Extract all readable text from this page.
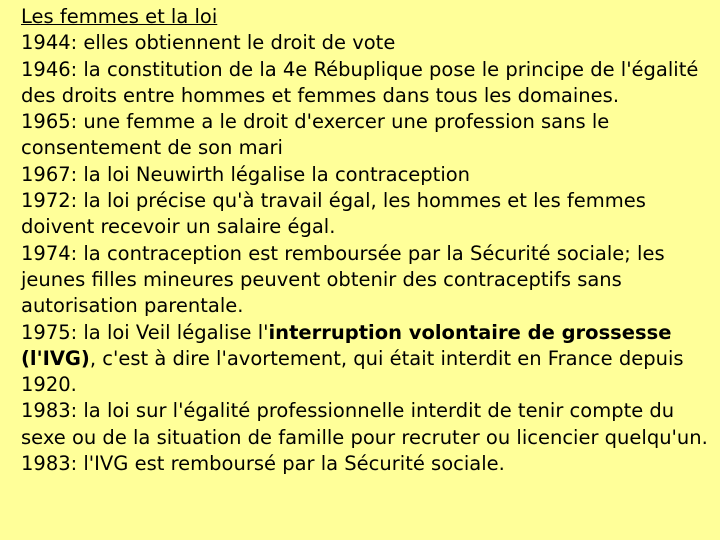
Les femmes et la loi
1944: elles obtiennent le droit de vote
1946: la constitution de la 4e Rébuplique pose le principe de l'égalité des droits entre hommes et femmes dans tous les domaines.
1965: une femme a le droit d'exercer une profession sans le consentement de son mari
1967: la loi Neuwirth légalise la contraception
1972: la loi précise qu'à travail égal, les hommes et les femmes doivent recevoir un salaire égal.
1974: la contraception est remboursée par la Sécurité sociale; les jeunes filles mineures peuvent obtenir des contraceptifs sans autorisation parentale.
1975: la loi Veil légalise l'interruption volontaire de grossesse (l'IVG), c'est à dire l'avortement, qui était interdit en France depuis 1920.
1983: la loi sur l'égalité professionnelle interdit de tenir compte du sexe ou de la situation de famille pour recruter ou licencier quelqu'un.
1983: l'IVG est remboursé par la Sécurité sociale.
